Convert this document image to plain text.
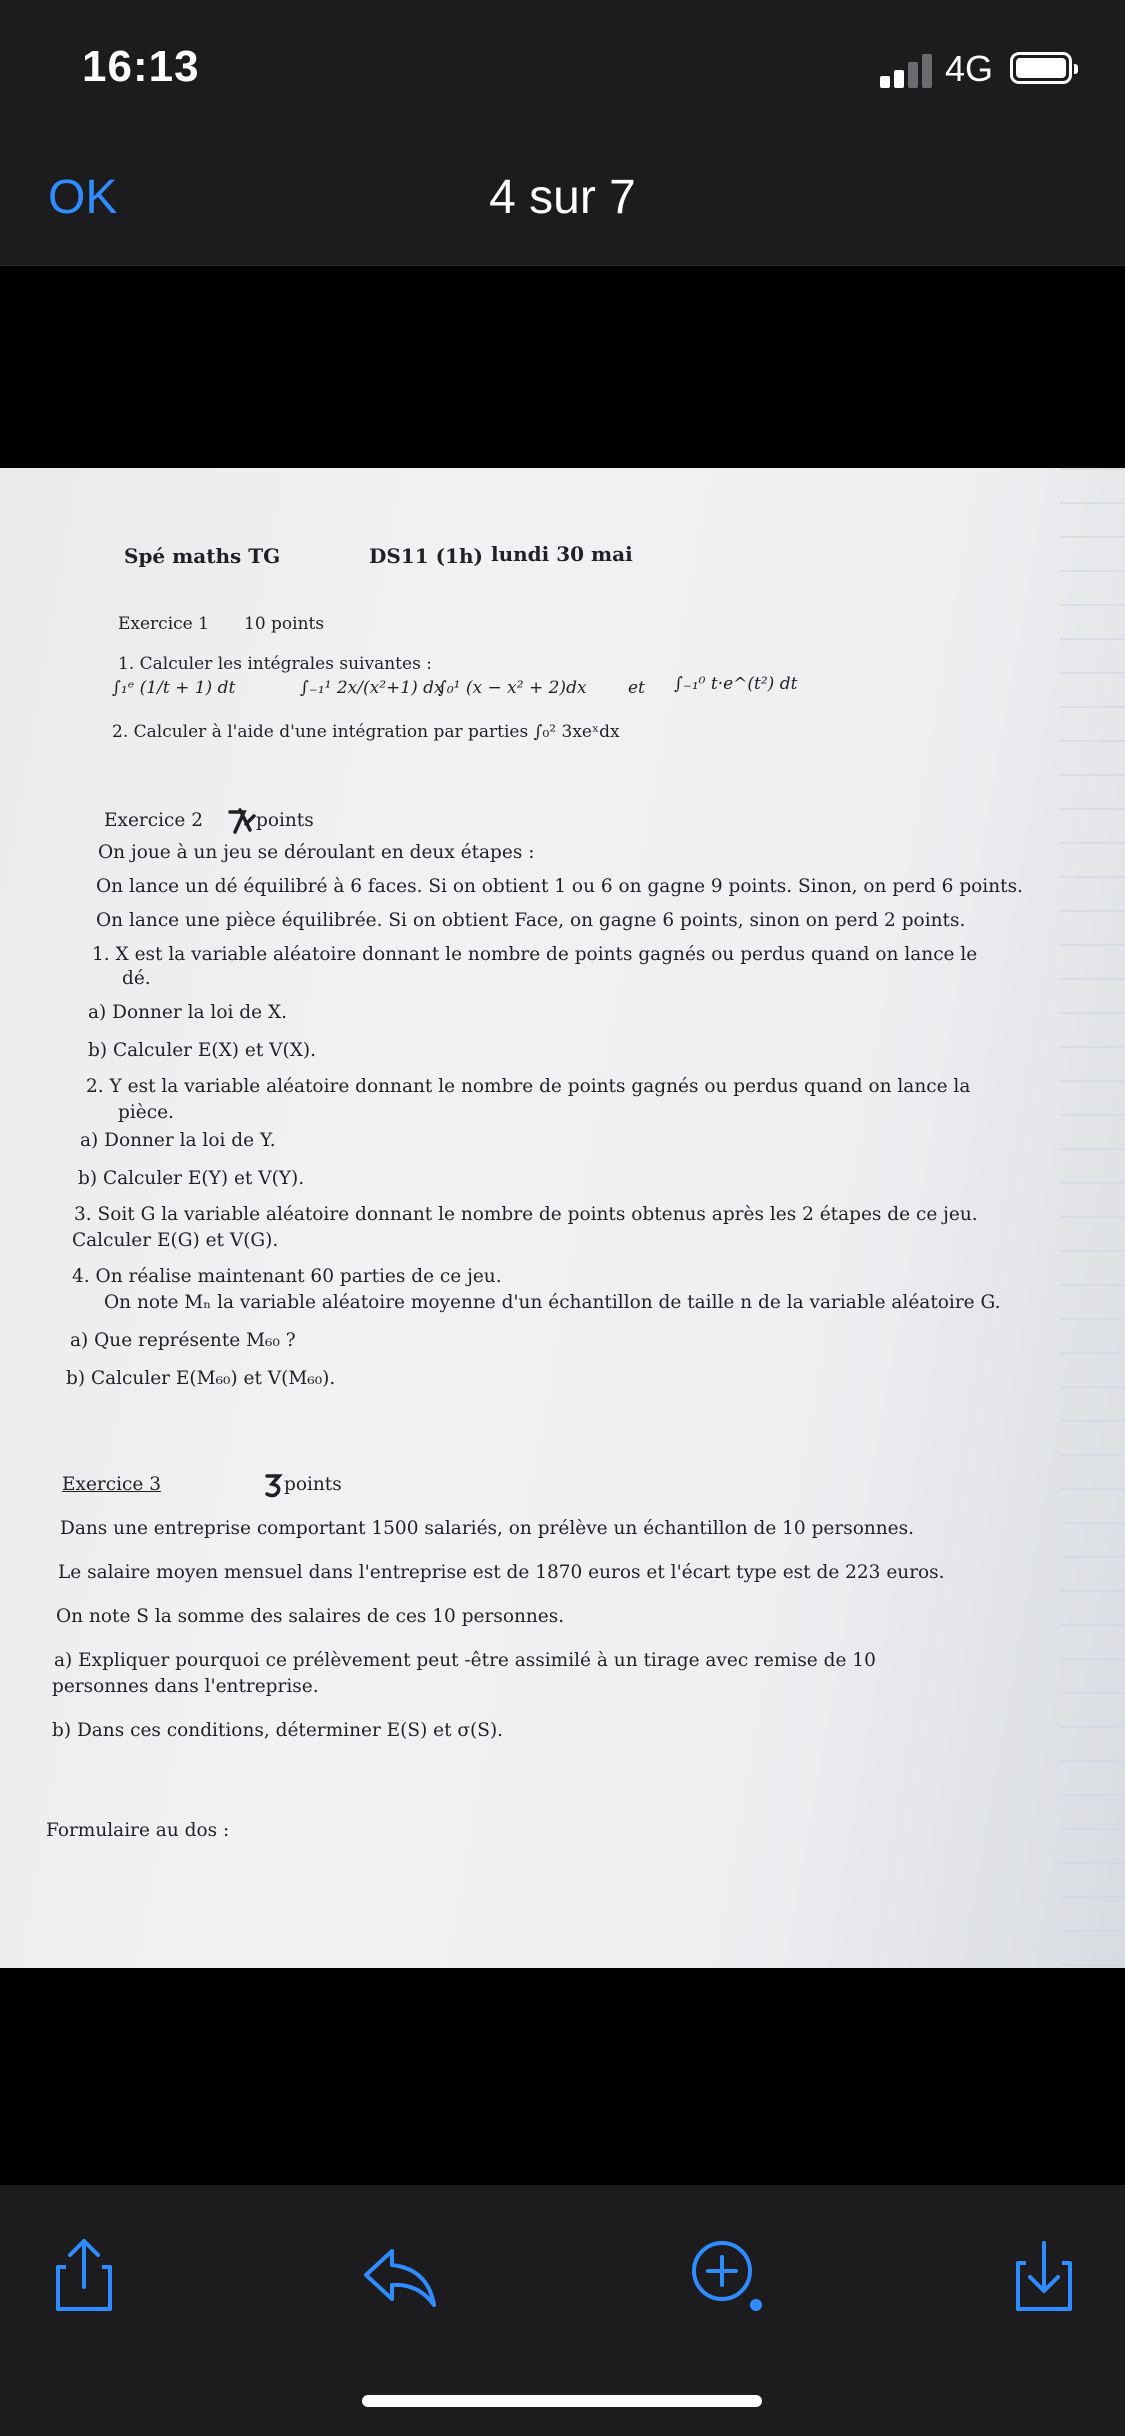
16:13	4G
OK	4 sur 7
Spé maths TG	DS11 (1h) lundi 30 mai
Exercice 1 10 points
1. Calculer les intégrales suivantes :
∫₁ᵉ (1/t + 1) dt	∫₋₁¹ 2x/(x²+1) dx
∫₀¹ (x − x² + 2)dx et ∫₋₁⁰ t·e^(t²) dt
2. Calculer à l'aide d'une intégration par parties ∫₀² 3xeˣdx
Exercice 2	points
On joue à un jeu se déroulant en deux étapes :
On lance un dé équilibré à 6 faces. Si on obtient 1 ou 6 on gagne 9 points. Sinon, on perd 6 points.
On lance une pièce équilibrée. Si on obtient Face, on gagne 6 points, sinon on perd 2 points.
1. X est la variable aléatoire donnant le nombre de points gagnés ou perdus quand on lance le
dé.
a) Donner la loi de X.
b) Calculer E(X) et V(X).
2. Y est la variable aléatoire donnant le nombre de points gagnés ou perdus quand on lance la
pièce.
a) Donner la loi de Y.
b) Calculer E(Y) et V(Y).
3. Soit G la variable aléatoire donnant le nombre de points obtenus après les 2 étapes de ce jeu.
Calculer E(G) et V(G).
4. On réalise maintenant 60 parties de ce jeu.
On note Mₙ la variable aléatoire moyenne d'un échantillon de taille n de la variable aléatoire G.
a) Que représente M₆₀ ?
b) Calculer E(M₆₀) et V(M₆₀).
Exercice 3	points
Dans une entreprise comportant 1500 salariés, on prélève un échantillon de 10 personnes.
Le salaire moyen mensuel dans l'entreprise est de 1870 euros et l'écart type est de 223 euros.
On note S la somme des salaires de ces 10 personnes.
a) Expliquer pourquoi ce prélèvement peut -être assimilé à un tirage avec remise de 10
personnes dans l'entreprise.
b) Dans ces conditions, déterminer E(S) et σ(S).
Formulaire au dos :
